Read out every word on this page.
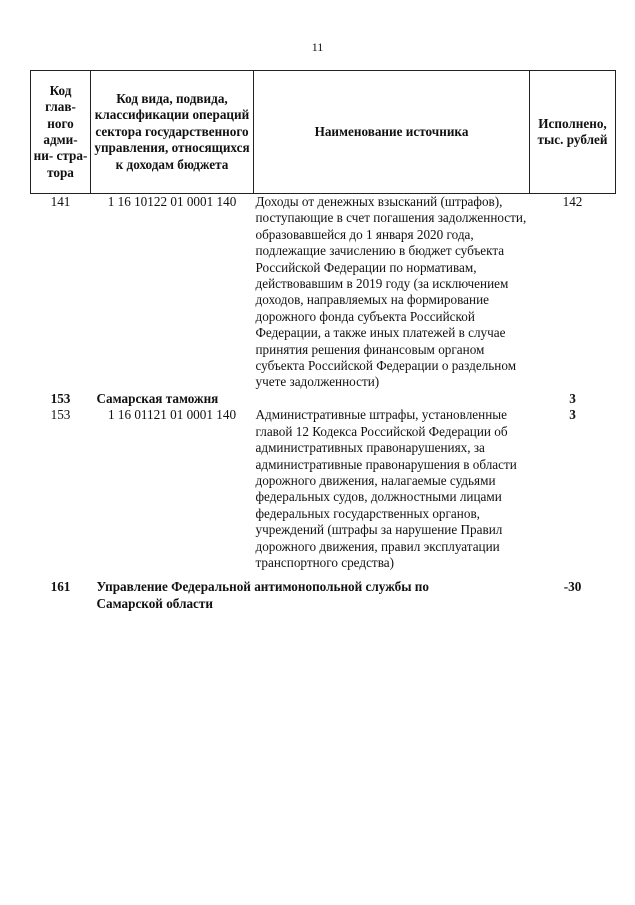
11
Код глав- ного адми- ни- стра- тора	Код вида, подвида, классификации операций сектора государственного управления, относящихся к доходам бюджета	Наименование источника	Исполнено, тыс. рублей
141	1 16 10122 01 0001 140	Доходы от денежных взысканий (штрафов), поступающие в счет погашения задолженности, образовавшейся до 1 января 2020 года, подлежащие зачислению в бюджет субъекта Российской Федерации по нормативам, действовавшим в 2019 году (за исключением доходов, направляемых на формирование дорожного фонда субъекта Российской Федерации, а также иных платежей в случае принятия решения финансовым органом субъекта Российской Федерации о раздельном учете задолженности)	142
153	Самарская таможня		3
153	1 16 01121 01 0001 140	Административные штрафы, установленные главой 12 Кодекса Российской Федерации об административных правонарушениях, за административные правонарушения в области дорожного движения, налагаемые судьями федеральных судов, должностными лицами федеральных государственных органов, учреждений (штрафы за нарушение Правил дорожного движения, правил эксплуатации транспортного средства)	3
161	Управление Федеральной антимонопольной службы по Самарской области		-30
